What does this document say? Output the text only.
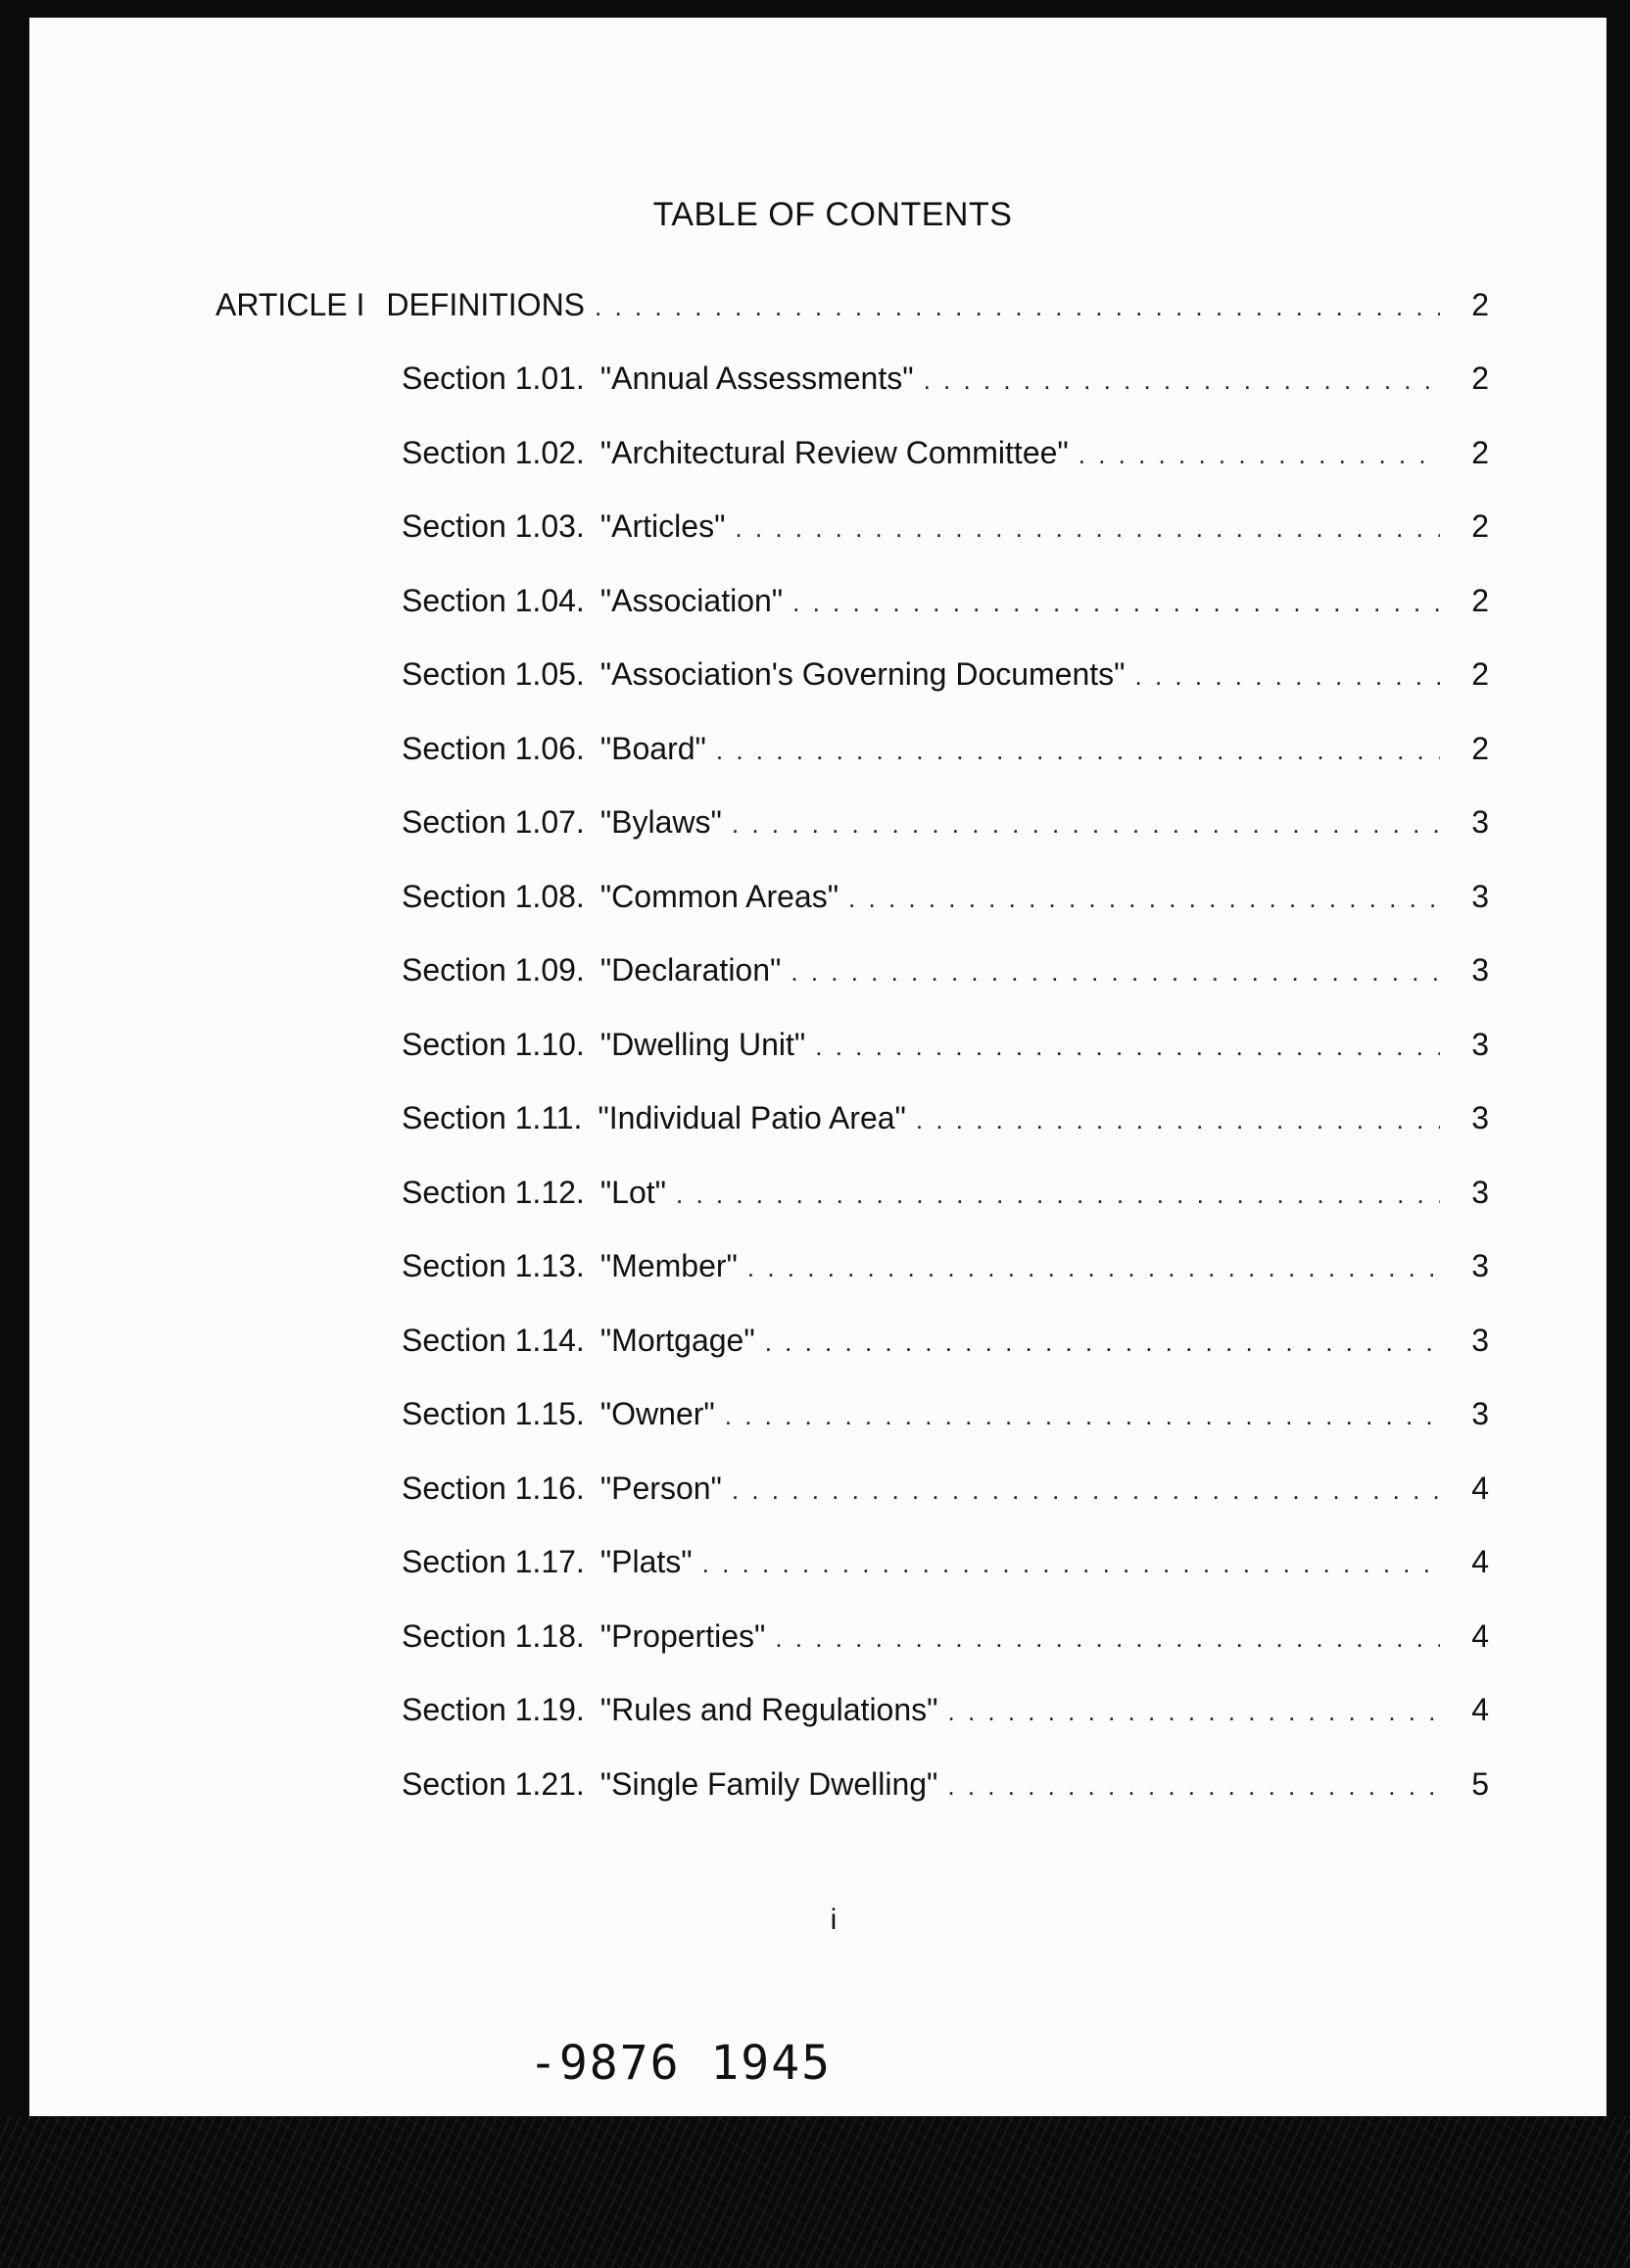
TABLE OF CONTENTS
ARTICLE I DEFINITIONS . . .	2
Section 1.01. "Annual Assessments" . . .	2
Section 1.02. "Architectural Review Committee" . . .	2
Section 1.03. "Articles" . . .	2
Section 1.04. "Association" . . .	2
Section 1.05. "Association's Governing Documents" . . .	2
Section 1.06. "Board" . . .	2
Section 1.07. "Bylaws" . . .	3
Section 1.08. "Common Areas" . . .	3
Section 1.09. "Declaration" . . .	3
Section 1.10. "Dwelling Unit" . . .	3
Section 1.11. "Individual Patio Area" . . .	3
Section 1.12. "Lot" . . .	3
Section 1.13. "Member" . . .	3
Section 1.14. "Mortgage" . . .	3
Section 1.15. "Owner" . . .	3
Section 1.16. "Person" . . .	4
Section 1.17. "Plats" . . .	4
Section 1.18. "Properties" . . .	4
Section 1.19. "Rules and Regulations" . . .	4
Section 1.21. "Single Family Dwelling" . . .	5
i
-9876 1945
